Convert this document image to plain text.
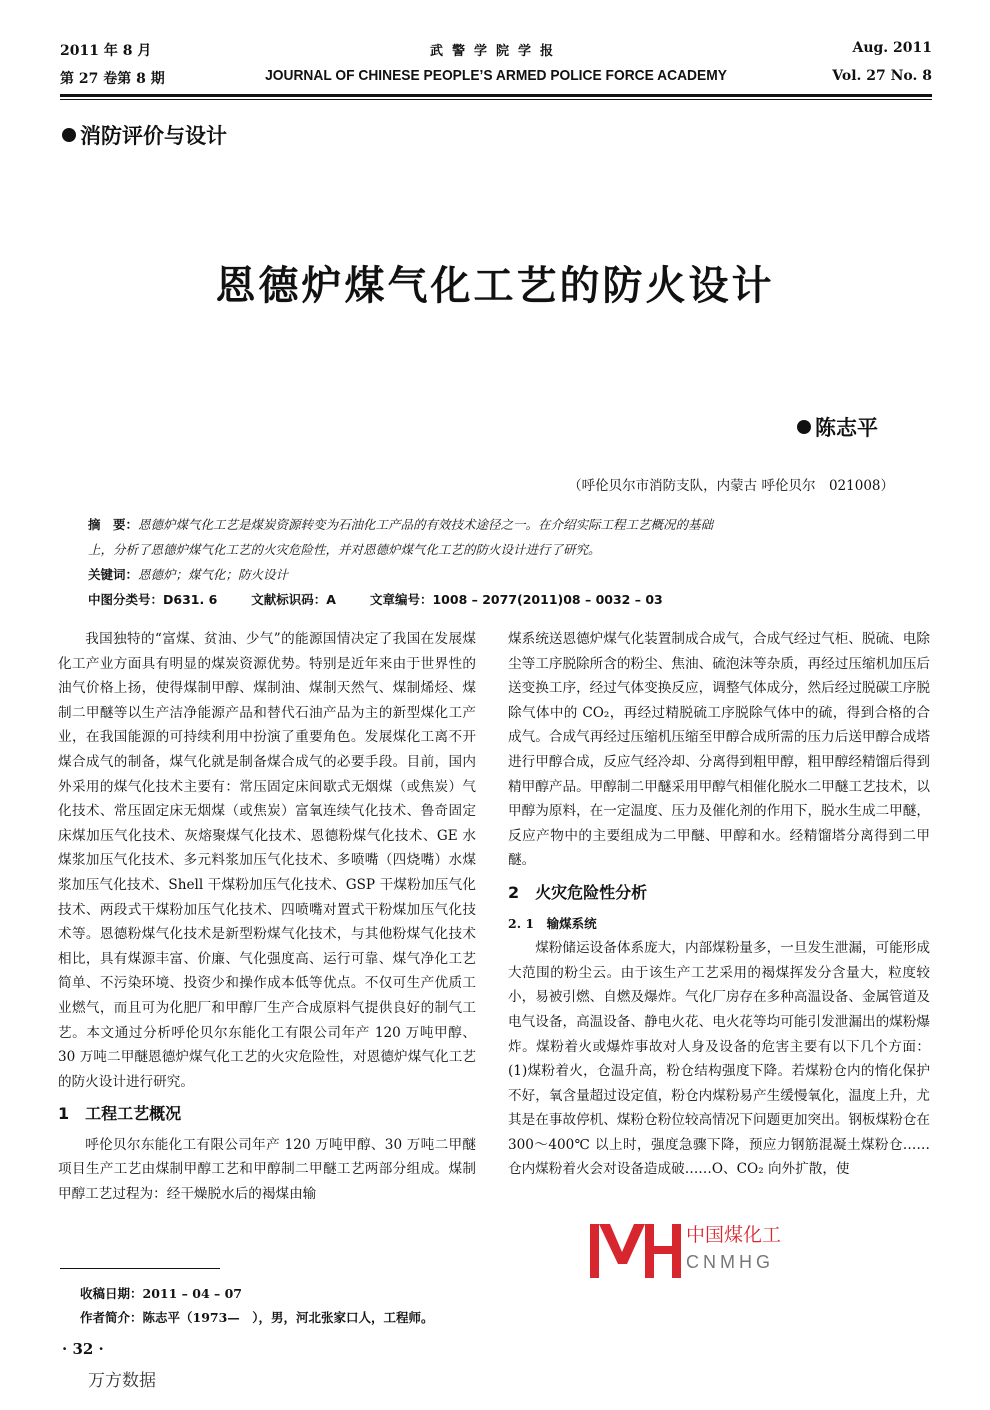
2011 年 8 月	武警学院学报	Aug. 2011
第 27 卷第 8 期	JOURNAL OF CHINESE PEOPLE’S ARMED POLICE FORCE ACADEMY	Vol. 27 No. 8
消防评价与设计
恩德炉煤气化工艺的防火设计
陈志平
（呼伦贝尔市消防支队，内蒙古 呼伦贝尔　021008）
摘　要：恩德炉煤气化工艺是煤炭资源转变为石油化工产品的有效技术途径之一。在介绍实际工程工艺概况的基础
上，分析了恩德炉煤气化工艺的火灾危险性，并对恩德炉煤气化工艺的防火设计进行了研究。
关键词：恩德炉；煤气化；防火设计
中图分类号：D631. 6	文献标识码：A	文章编号：1008 – 2077(2011)08 – 0032 – 03

我国独特的“富煤、贫油、少气”的能源国情决定了我国在发展煤化工产业方面具有明显的煤炭资源优势。特别是近年来由于世界性的油气价格上扬，使得煤制甲醇、煤制油、煤制天然气、煤制烯烃、煤制二甲醚等以生产洁净能源产品和替代石油产品为主的新型煤化工产业，在我国能源的可持续利用中扮演了重要角色。发展煤化工离不开煤合成气的制备，煤气化就是制备煤合成气的必要手段。目前，国内外采用的煤气化技术主要有：常压固定床间歇式无烟煤（或焦炭）气化技术、常压固定床无烟煤（或焦炭）富氧连续气化技术、鲁奇固定床煤加压气化技术、灰熔聚煤气化技术、恩德粉煤气化技术、GE 水煤浆加压气化技术、多元料浆加压气化技术、多喷嘴（四烧嘴）水煤浆加压气化技术、Shell 干煤粉加压气化技术、GSP 干煤粉加压气化技术、两段式干煤粉加压气化技术、四喷嘴对置式干粉煤加压气化技术等。恩德粉煤气化技术是新型粉煤气化技术，与其他粉煤气化技术相比，具有煤源丰富、价廉、气化强度高、运行可靠、煤气净化工艺简单、不污染环境、投资少和操作成本低等优点。不仅可生产优质工业燃气，而且可为化肥厂和甲醇厂生产合成原料气提供良好的制气工艺。本文通过分析呼伦贝尔东能化工有限公司年产 120 万吨甲醇、30 万吨二甲醚恩德炉煤气化工艺的火灾危险性，对恩德炉煤气化工艺的防火设计进行研究。

1　工程工艺概况

呼伦贝尔东能化工有限公司年产 120 万吨甲醇、30 万吨二甲醚项目生产工艺由煤制甲醇工艺和甲醇制二甲醚工艺两部分组成。煤制甲醇工艺过程为：经干燥脱水后的褐煤由输

煤系统送恩德炉煤气化装置制成合成气，合成气经过气柜、脱硫、电除尘等工序脱除所含的粉尘、焦油、硫泡沫等杂质，再经过压缩机加压后送变换工序，经过气体变换反应，调整气体成分，然后经过脱碳工序脱除气体中的 CO₂，再经过精脱硫工序脱除气体中的硫，得到合格的合成气。合成气再经过压缩机压缩至甲醇合成所需的压力后送甲醇合成塔进行甲醇合成，反应气经冷却、分离得到粗甲醇，粗甲醇经精馏后得到精甲醇产品。甲醇制二甲醚采用甲醇气相催化脱水二甲醚工艺技术，以甲醇为原料，在一定温度、压力及催化剂的作用下，脱水生成二甲醚，反应产物中的主要组成为二甲醚、甲醇和水。经精馏塔分离得到二甲醚。

2　火灾危险性分析
2. 1　输煤系统

煤粉储运设备体系庞大，内部煤粉量多，一旦发生泄漏，可能形成大范围的粉尘云。由于该生产工艺采用的褐煤挥发分含量大，粒度较小，易被引燃、自燃及爆炸。气化厂房存在多种高温设备、金属管道及电气设备，高温设备、静电火花、电火花等均可能引发泄漏出的煤粉爆炸。煤粉着火或爆炸事故对人身及设备的危害主要有以下几个方面：(1)煤粉着火，仓温升高，粉仓结构强度下降。若煤粉仓内的惰化保护不好，氧含量超过设定值，粉仓内煤粉易产生缓慢氧化，温度上升，尤其是在事故停机、煤粉仓粉位较高情况下问题更加突出。钢板煤粉仓在 300～400℃ 以上时，强度急骤下降，预应力钢筋混凝土煤粉仓……仓内煤粉着火会对设备造成破……O、CO₂ 向外扩散，使

收稿日期：2011 – 04 – 07
作者简介：陈志平（1973—　），男，河北张家口人，工程师。
· 32 ·
万方数据
中国煤化工
CNMHG
